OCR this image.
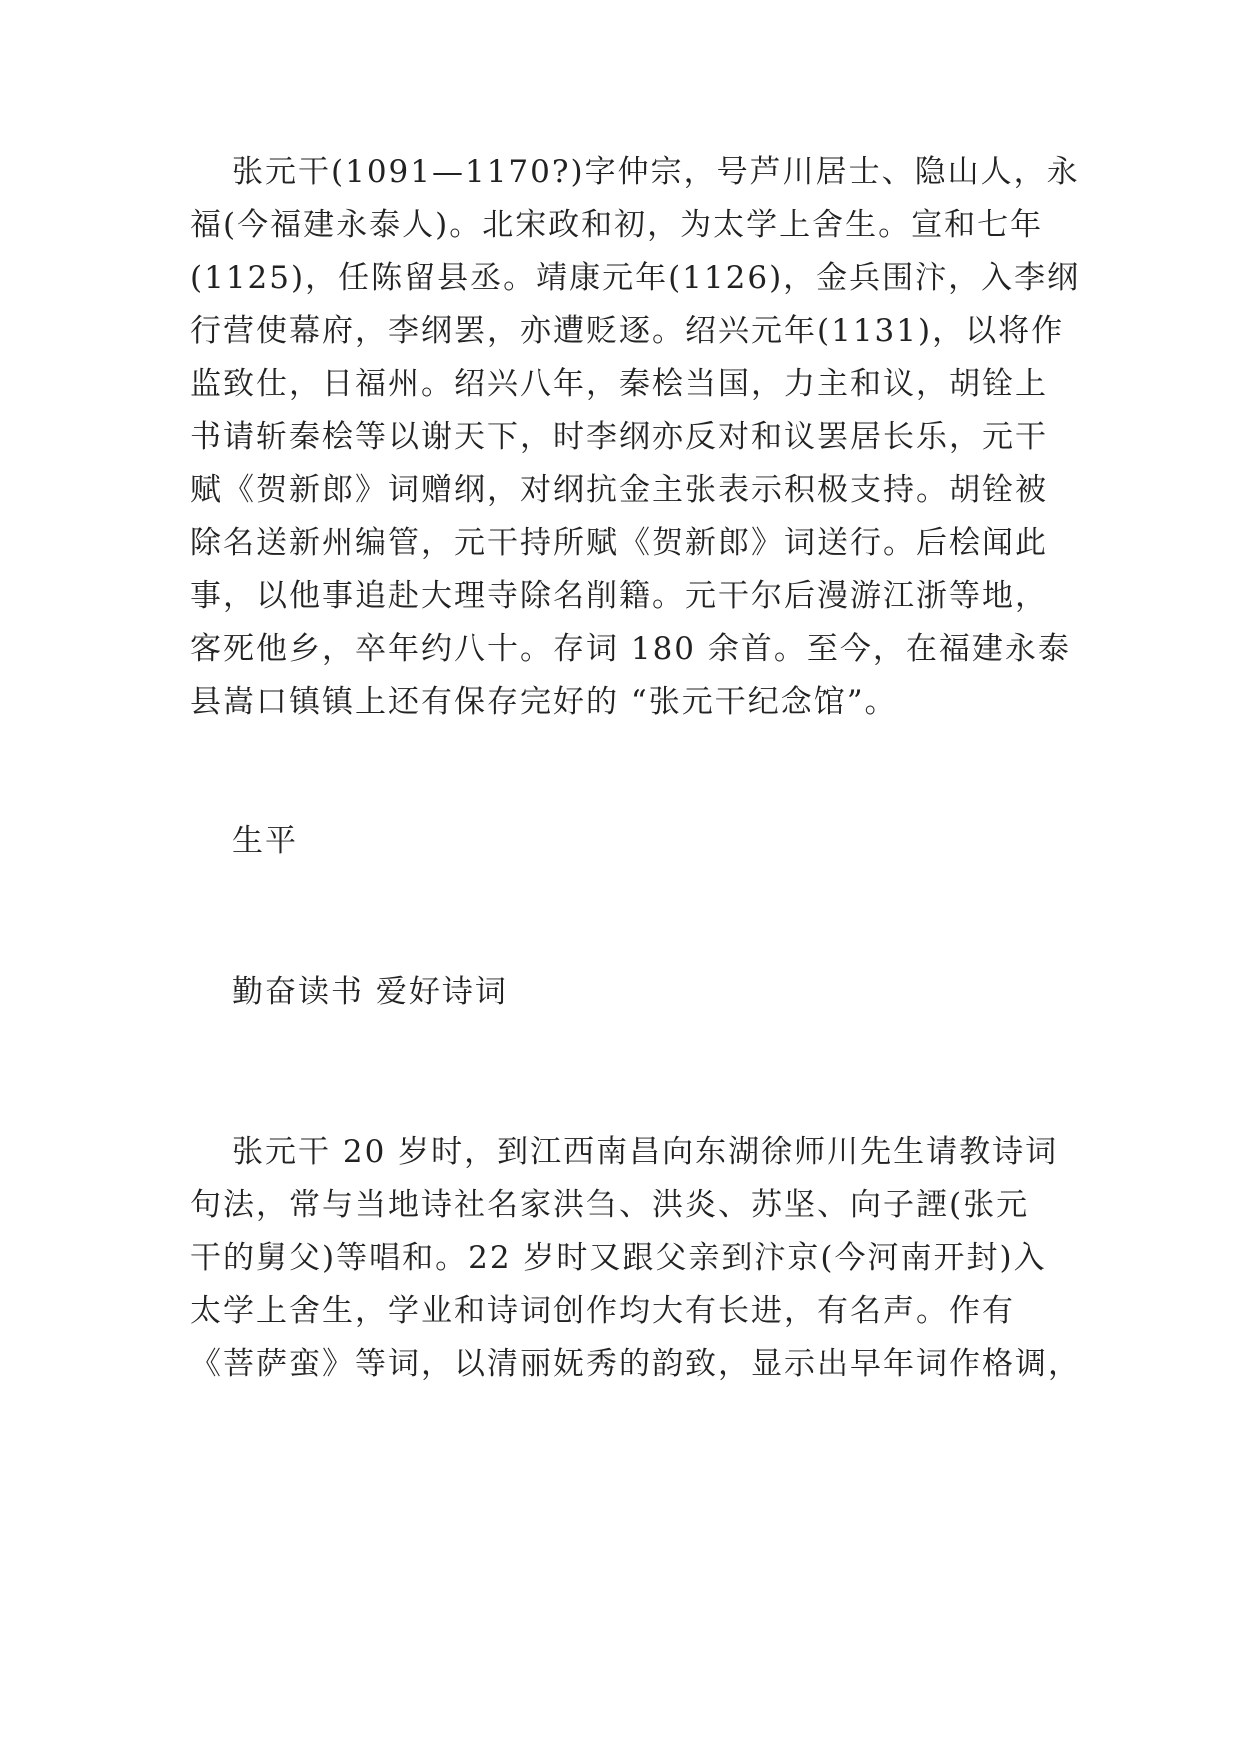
张元干(1091—1170?)字仲宗，号芦川居士、隐山人，永
福(今福建永泰人)。北宋政和初，为太学上舍生。宣和七年
(1125)，任陈留县丞。靖康元年(1126)，金兵围汴，入李纲
行营使幕府，李纲罢，亦遭贬逐。绍兴元年(1131)，以将作
监致仕，日福州。绍兴八年，秦桧当国，力主和议，胡铨上
书请斩秦桧等以谢天下，时李纲亦反对和议罢居长乐，元干
赋《贺新郎》词赠纲，对纲抗金主张表示积极支持。胡铨被
除名送新州编管，元干持所赋《贺新郎》词送行。后桧闻此
事，以他事追赴大理寺除名削籍。元干尔后漫游江浙等地，
客死他乡，卒年约八十。存词 180 余首。至今，在福建永泰
县嵩口镇镇上还有保存完好的 “张元干纪念馆”。
生平
勤奋读书 爱好诗词
张元干 20 岁时，到江西南昌向东湖徐师川先生请教诗词
句法，常与当地诗社名家洪刍、洪炎、苏坚、向子諲(张元
干的舅父)等唱和。22 岁时又跟父亲到汴京(今河南开封)入
太学上舍生，学业和诗词创作均大有长进，有名声。作有
《菩萨蛮》等词，以清丽妩秀的韵致，显示出早年词作格调，
